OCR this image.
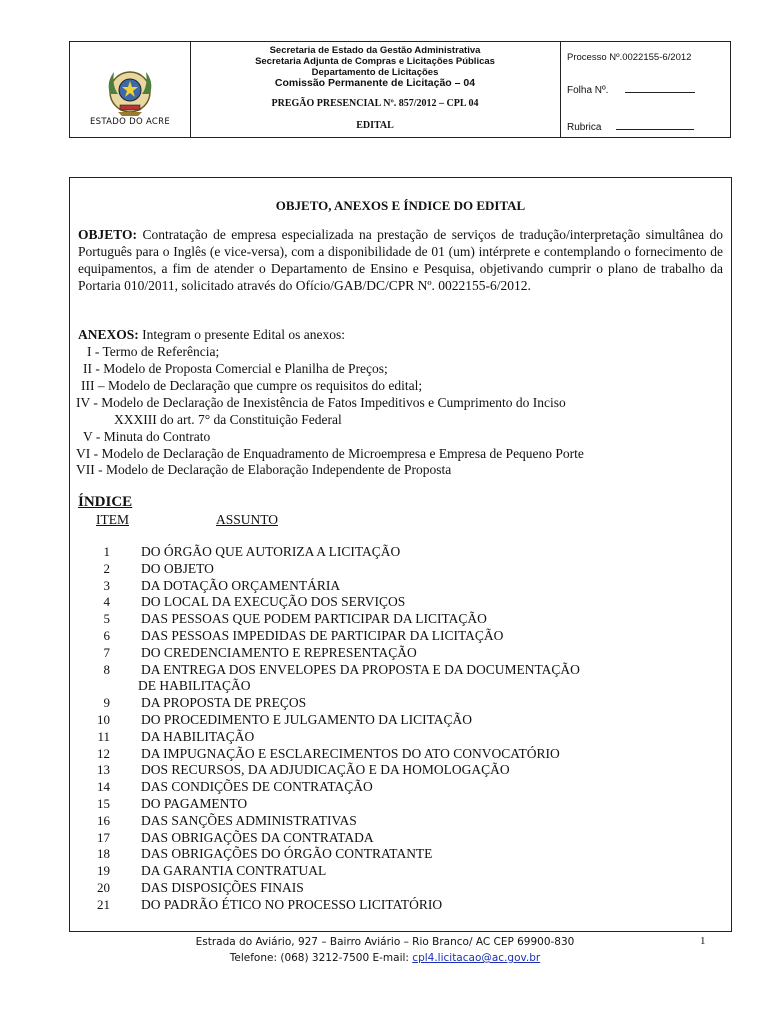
ESTADO DO ACRE
Secretaria de Estado da Gestão Administrativa
Secretaria Adjunta de Compras e Licitações Públicas
Departamento de Licitações
Comissão Permanente de Licitação – 04
PREGÃO PRESENCIAL Nº. 857/2012 – CPL 04
EDITAL
Processo Nº.0022155-6/2012
Folha Nº.
Rubrica
OBJETO, ANEXOS E ÍNDICE DO EDITAL
OBJETO: Contratação de empresa especializada na prestação de serviços de tradução/interpretação simultânea do Português para o Inglês (e vice-versa), com a disponibilidade de 01 (um) intérprete e contemplando o fornecimento de equipamentos, a fim de atender o Departamento de Ensino e Pesquisa, objetivando cumprir o plano de trabalho da Portaria 010/2011, solicitado através do Ofício/GAB/DC/CPR Nº. 0022155-6/2012.
ANEXOS: Integram o presente Edital os anexos:
I - Termo de Referência;
II - Modelo de Proposta Comercial e Planilha de Preços;
III – Modelo de Declaração que cumpre os requisitos do edital;
IV - Modelo de Declaração de Inexistência de Fatos Impeditivos e Cumprimento do Inciso
XXXIII do art. 7° da Constituição Federal
V - Minuta do Contrato
VI - Modelo de Declaração de Enquadramento de Microempresa e Empresa de Pequeno Porte
VII - Modelo de Declaração de Elaboração Independente de Proposta
ÍNDICE
ITEM	ASSUNTO
1 DO ÓRGÃO QUE AUTORIZA A LICITAÇÃO
2 DO OBJETO
3 DA DOTAÇÃO ORÇAMENTÁRIA
4 DO LOCAL DA EXECUÇÃO DOS SERVIÇOS
5 DAS PESSOAS QUE PODEM PARTICIPAR DA LICITAÇÃO
6 DAS PESSOAS IMPEDIDAS DE PARTICIPAR DA LICITAÇÃO
7 DO CREDENCIAMENTO E REPRESENTAÇÃO
8 DA ENTREGA DOS ENVELOPES DA PROPOSTA E DA DOCUMENTAÇÃO
DE HABILITAÇÃO
9 DA PROPOSTA DE PREÇOS
10 DO PROCEDIMENTO E JULGAMENTO DA LICITAÇÃO
11 DA HABILITAÇÃO
12 DA IMPUGNAÇÃO E ESCLARECIMENTOS DO ATO CONVOCATÓRIO
13 DOS RECURSOS, DA ADJUDICAÇÃO E DA HOMOLOGAÇÃO
14 DAS CONDIÇÕES DE CONTRATAÇÃO
15 DO PAGAMENTO
16 DAS SANÇÕES ADMINISTRATIVAS
17 DAS OBRIGAÇÕES DA CONTRATADA
18 DAS OBRIGAÇÕES DO ÓRGÃO CONTRATANTE
19 DA GARANTIA CONTRATUAL
20 DAS DISPOSIÇÕES FINAIS
21 DO PADRÃO ÉTICO NO PROCESSO LICITATÓRIO
Estrada do Aviário, 927 – Bairro Aviário – Rio Branco/ AC CEP 69900-830
Telefone: (068) 3212-7500 E-mail: cpl4.licitacao@ac.gov.br
1
